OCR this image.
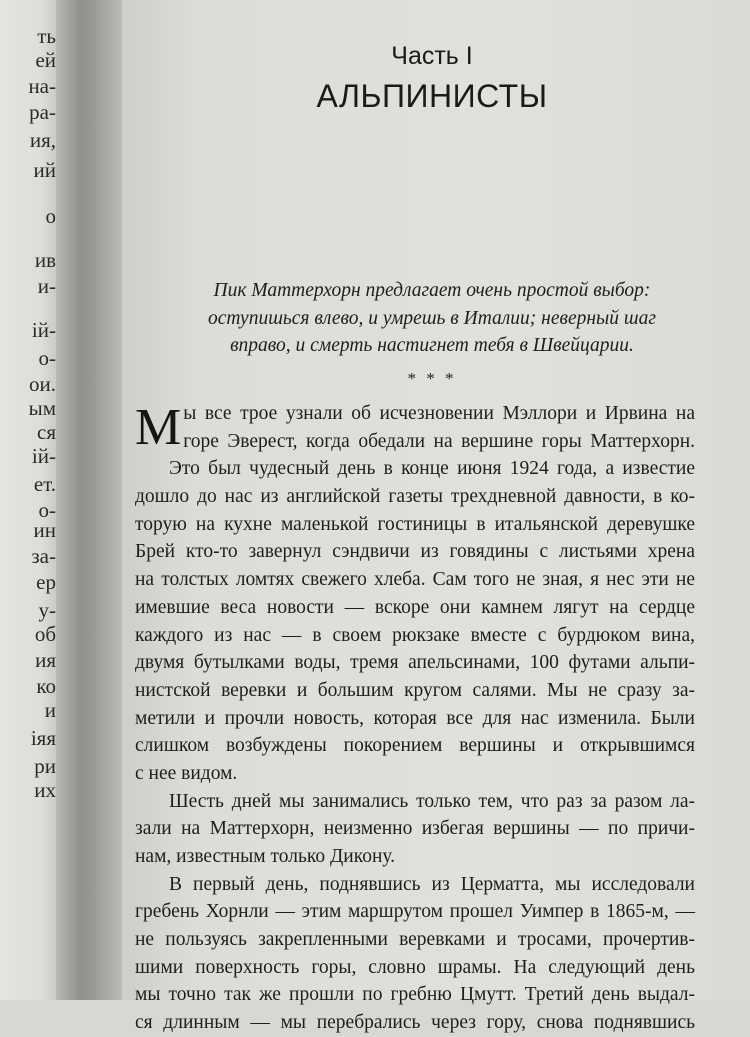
ть
ей
на-
ра-
ия,
ий
о
ив
и-
ій-
о-
ои.
ым
ся
ій-
ет.
о-
ин
за-
ер
у-
об
ия
ко
и
іяя
ри
их
Часть I
АЛЬПИНИСТЫ
Пик Маттерхорн предлагает очень простой выбор:
оступишься влево, и умрешь в Италии; неверный шаг
вправо, и смерть настигнет тебя в Швейцарии.
* * *
М ы все трое узнали об исчезновении Мэллори и Ирвина на
горе Эверест, когда обедали на вершине горы Маттерхорн.
Это был чудесный день в конце июня 1924 года, а известие
дошло до нас из английской газеты трехдневной давности, в ко-
торую на кухне маленькой гостиницы в итальянской деревушке
Брей кто-то завернул сэндвичи из говядины с листьями хрена
на толстых ломтях свежего хлеба. Сам того не зная, я нес эти не
имевшие веса новости — вскоре они камнем лягут на сердце
каждого из нас — в своем рюкзаке вместе с бурдюком вина,
двумя бутылками воды, тремя апельсинами, 100 футами альпи-
нистской веревки и большим кругом салями. Мы не сразу за-
метили и прочли новость, которая все для нас изменила. Были
слишком возбуждены покорением вершины и открывшимся
с нее видом.
Шесть дней мы занимались только тем, что раз за разом ла-
зали на Маттерхорн, неизменно избегая вершины — по причи-
нам, известным только Дикону.
В первый день, поднявшись из Церматта, мы исследовали
гребень Хорнли — этим маршрутом прошел Уимпер в 1865-м, —
не пользуясь закрепленными веревками и тросами, прочертив-
шими поверхность горы, словно шрамы. На следующий день
мы точно так же прошли по гребню Цмутт. Третий день выдал-
ся длинным — мы перебрались через гору, снова поднявшись
